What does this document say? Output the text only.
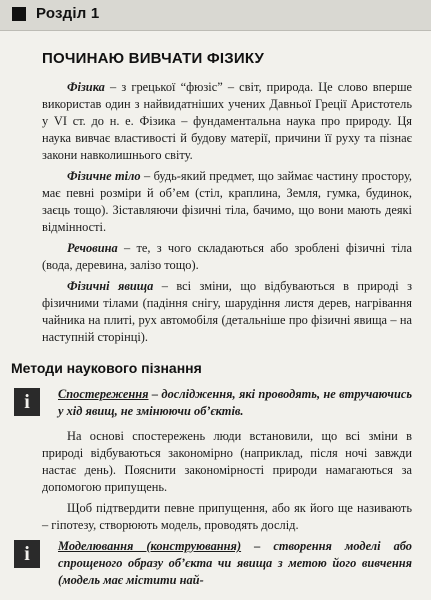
Розділ 1
ПОЧИНАЮ ВИВЧАТИ ФІЗИКУ

Фізика – з грецької “фюзіс” – світ, природа. Це слово вперше використав один з найвидатніших учених Давньої Греції Аристотель у VI ст. до н. е. Фізика – фундаментальна наука про природу. Ця наука вивчає властивості й будову матерії, причини її руху та пізнає закони навколишнього світу.

Фізичне тіло – будь-який предмет, що займає частину простору, має певні розміри й об’ем (стіл, краплина, Земля, гумка, будинок, заєць тощо). Зіставляючи фізичні тіла, бачимо, що вони мають деякі відмінності.

Речовина – те, з чого складаються або зроблені фізичні тіла (вода, деревина, залізо тощо).

Фізичні явища – всі зміни, що відбуваються в природі з фізичними тілами (падіння снігу, шарудіння листя дерев, нагрівання чайника на плиті, рух автомобіля (детальніше про фізичні явища – на наступній сторінці).

Методи наукового пізнання
і	Спостереження – дослідження, які проводять, не втручаючись у хід явищ, не змінюючи об’єктів.

На основі спостережень люди встановили, що всі зміни в природі відбуваються закономірно (наприклад, після ночі завжди настає день). Пояснити закономірності природи намагаються за допомогою припущень.

Щоб підтвердити певне припущення, або як його ще називають – гіпотезу, створюють модель, проводять дослід.

і	Моделювання (конструювання) – створення моделі або спрощеного образу об’єкта чи явища з метою його вивчення (модель має містити най-
